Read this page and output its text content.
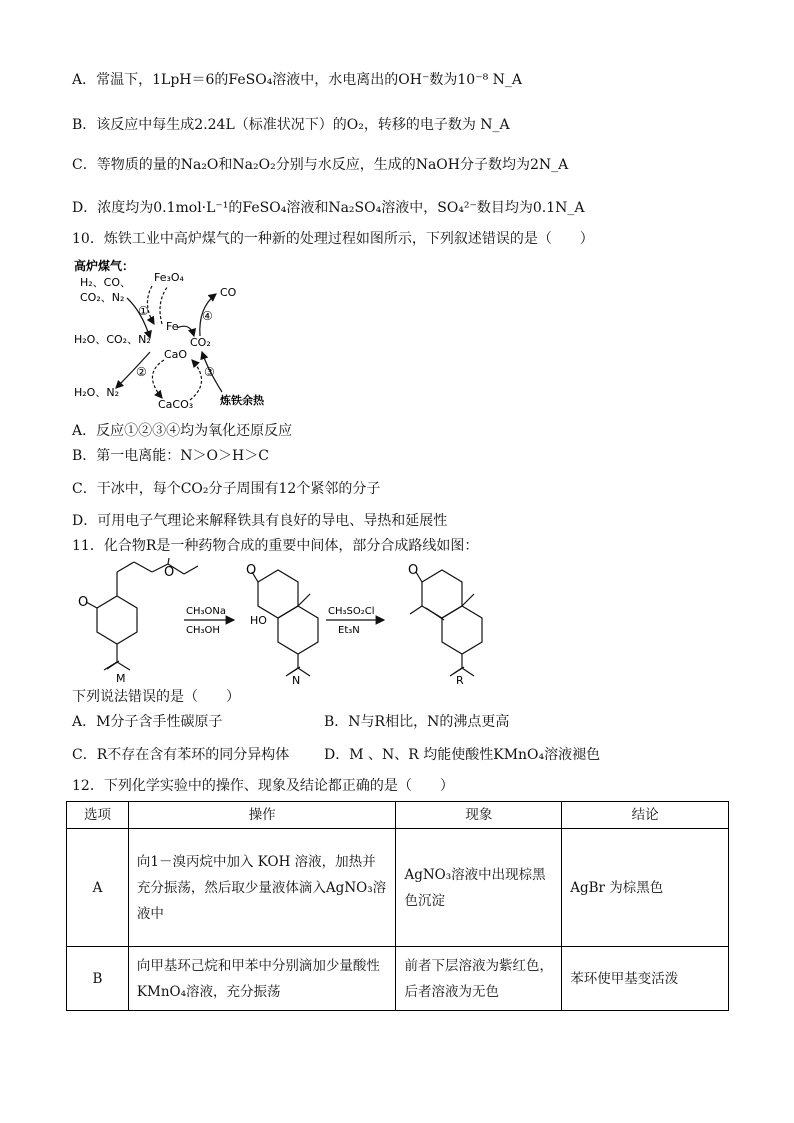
A．常温下，1LpH＝6的FeSO₄溶液中，水电离出的OH⁻数为10⁻⁸ N_A
B．该反应中每生成2.24L（标准状况下）的O₂，转移的电子数为 N_A
C．等物质的量的Na₂O和Na₂O₂分别与水反应，生成的NaOH分子数均为2N_A
D．浓度均为0.1mol·L⁻¹的FeSO₄溶液和Na₂SO₄溶液中，SO₄²⁻数目均为0.1N_A
10．炼铁工业中高炉煤气的一种新的处理过程如图所示，下列叙述错误的是（　　）
高炉煤气：
H₂、CO、
CO₂、N₂
Fe₃O₄
Fe
CO
CO₂
H₂O、CO₂、N₂
CaO
H₂O、N₂
CaCO₃ 炼铁余热
①
②	③
④
A．反应①②③④均为氧化还原反应
B．第一电离能：N＞O＞H＞C
C．干冰中，每个CO₂分子周围有12个紧邻的分子
D．可用电子气理论来解释铁具有良好的导电、导热和延展性
11．化合物R是一种药物合成的重要中间体，部分合成路线如图：
O
O
M
CH₃ONa
CH₃OH
O
HO
N
CH₃SO₂Cl
Et₃N
O
R
下列说法错误的是（　　）
A．M分子含手性碳原子	B．N与R相比，N的沸点更高
C．R不存在含有苯环的同分异构体 D．M 、N、R 均能使酸性KMnO₄溶液褪色
12．下列化学实验中的操作、现象及结论都正确的是（　　）
选项	操作	现象	结论
A	向1－溴丙烷中加入 KOH 溶液，加热并充分振荡，然后取少量液体滴入AgNO₃溶液中	AgNO₃溶液中出现棕黑色沉淀	AgBr 为棕黑色
B	向甲基环己烷和甲苯中分别滴加少量酸性KMnO₄溶液，充分振荡	前者下层溶液为紫红色，后者溶液为无色	苯环使甲基变活泼
